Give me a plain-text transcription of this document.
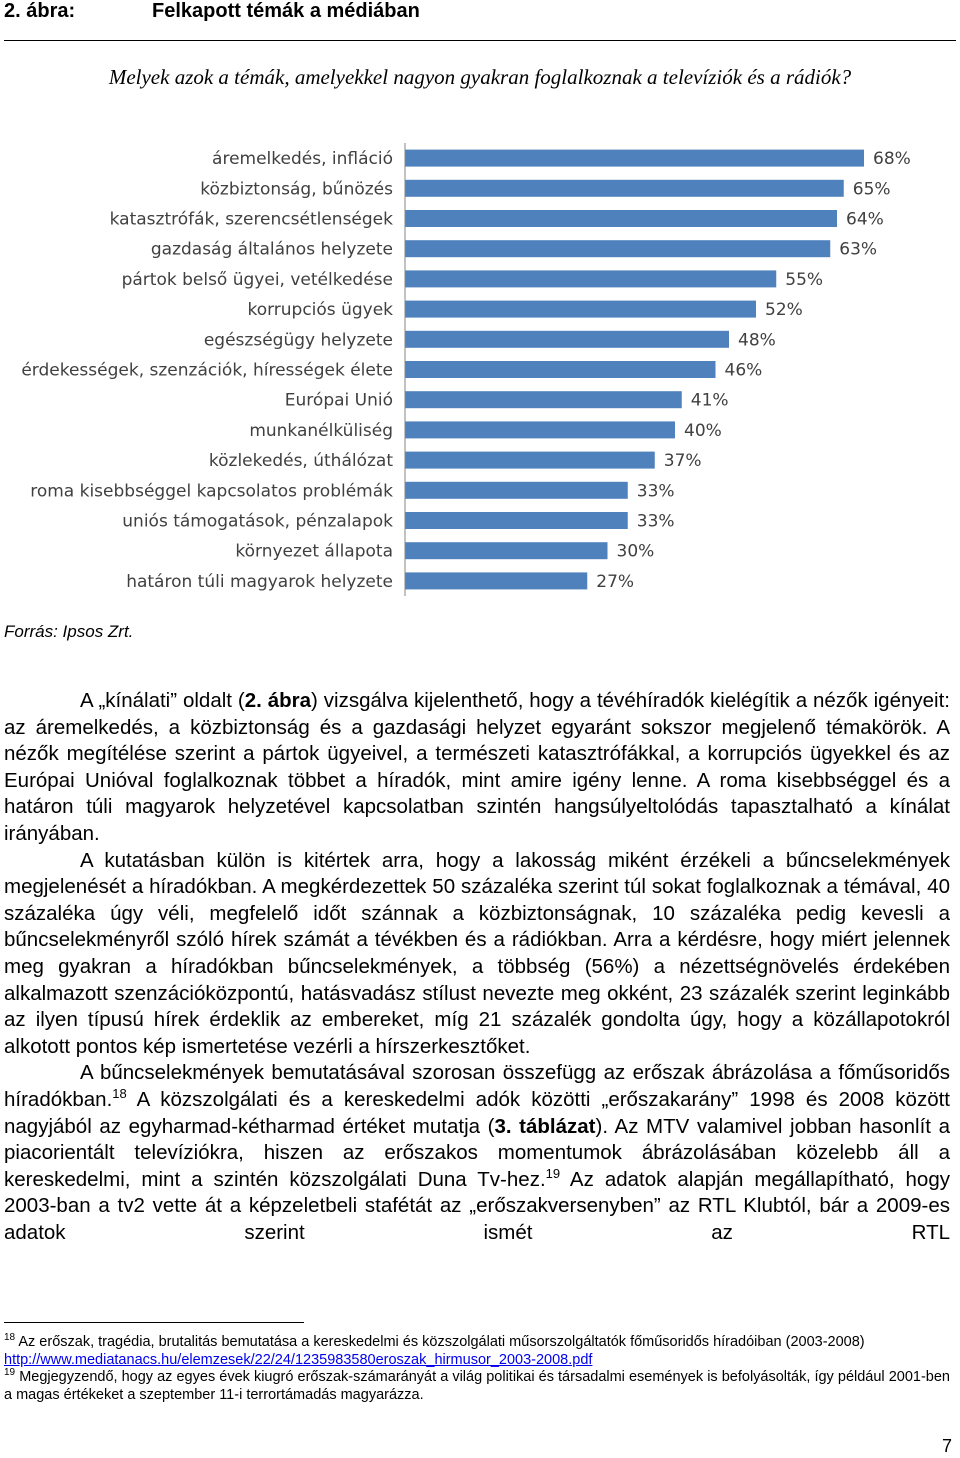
2. ábra:	Felkapott témák a médiában
Melyek azok a témák, amelyekkel nagyon gyakran foglalkoznak a televíziók és a rádiók?
áremelkedés, infláció	68%
közbiztonság, bűnözés	65%
katasztrófák, szerencsétlenségek	64%
gazdaság általános helyzete	63%
pártok belső ügyei, vetélkedése	55%
korrupciós ügyek	52%
egészségügy helyzete	48%
érdekességek, szenzációk, hírességek élete	46%
Európai Unió	41%
munkanélküliség	40%
közlekedés, úthálózat	37%
roma kisebbséggel kapcsolatos problémák	33%
uniós támogatások, pénzalapok	33%
környezet állapota	30%
határon túli magyarok helyzete	27%
Forrás: Ipsos Zrt.

A „kínálati” oldalt (2. ábra) vizsgálva kijelenthető, hogy a tévéhíradók kielégítik a nézők igényeit: az áremelkedés, a közbiztonság és a gazdasági helyzet egyaránt sokszor megjelenő témakörök. A nézők megítélése szerint a pártok ügyeivel, a természeti katasztrófákkal, a korrupciós ügyekkel és az Európai Unióval foglalkoznak többet a híradók, mint amire igény lenne. A roma kisebbséggel és a határon túli magyarok helyzetével kapcsolatban szintén hangsúlyeltolódás tapasztalható a kínálat irányában.

A kutatásban külön is kitértek arra, hogy a lakosság miként érzékeli a bűncselekmények megjelenését a híradókban. A megkérdezettek 50 százaléka szerint túl sokat foglalkoznak a témával, 40 százaléka úgy véli, megfelelő időt szánnak a közbiztonságnak, 10 százaléka pedig kevesli a bűncselekményről szóló hírek számát a tévékben és a rádiókban. Arra a kérdésre, hogy miért jelennek meg gyakran a híradókban bűncselekmények, a többség (56%) a nézettségnövelés érdekében alkalmazott szenzációközpontú, hatásvadász stílust nevezte meg okként, 23 százalék szerint leginkább az ilyen típusú hírek érdeklik az embereket, míg 21 százalék gondolta úgy, hogy a közállapotokról alkotott pontos kép ismertetése vezérli a hírszerkesztőket.

A bűncselekmények bemutatásával szorosan összefügg az erőszak ábrázolása a főműsoridős híradókban.$^{18}$ A közszolgálati és a kereskedelmi adók közötti „erőszakarány” 1998 és 2008 között nagyjából az egyharmad-kétharmad értéket mutatja (3. táblázat). Az MTV valamivel jobban hasonlít a piacorientált televíziókra, hiszen az erőszakos momentumok ábrázolásában közelebb áll a kereskedelmi, mint a szintén közszolgálati Duna Tv-hez.$^{19}$ Az adatok alapján megállapítható, hogy 2003-ban a tv2 vette át a képzeletbeli stafétát az „erőszakversenyben” az RTL Klubtól, bár a 2009-es adatok szerint ismét az RTL

$^{18}$ Az erőszak, tragédia, brutalitás bemutatása a kereskedelmi és közszolgálati műsorszolgáltatók főműsoridős híradóiban (2003-2008)
http://www.mediatanacs.hu/elemzesek/22/24/1235983580eroszak_hirmusor_2003-2008.pdf

$^{19}$ Megjegyzendő, hogy az egyes évek kiugró erőszak-számarányát a világ politikai és társadalmi események is befolyásolták, így például 2001-ben a magas értékeket a szeptember 11-i terrortámadás magyarázza.

7
